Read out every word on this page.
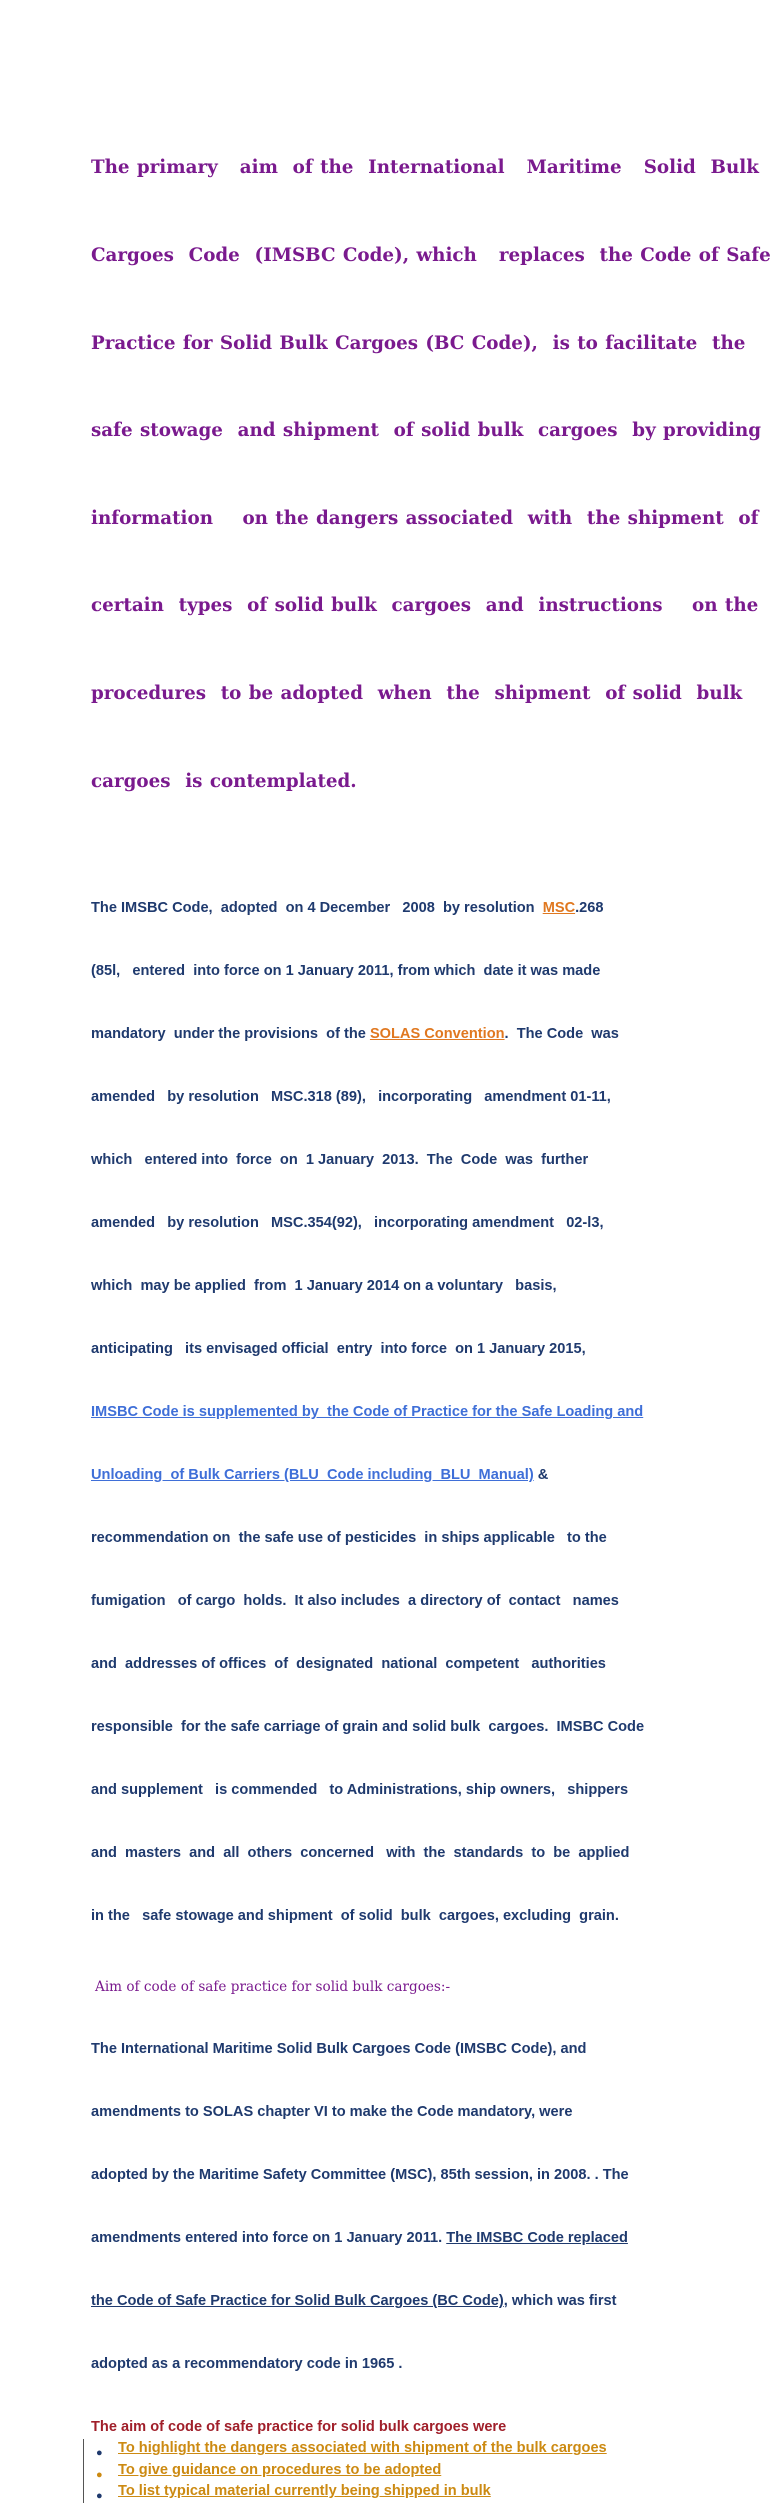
The primary   aim  of the  International   Maritime   Solid  Bulk

Cargoes  Code  (IMSBC Code), which   replaces  the Code of Safe

Practice for Solid Bulk Cargoes (BC Code),  is to facilitate  the

safe stowage  and shipment  of solid bulk  cargoes  by providing

information    on the dangers associated  with  the shipment  of

certain  types  of solid bulk  cargoes  and  instructions    on the

procedures  to be adopted  when  the  shipment  of solid  bulk

cargoes  is contemplated.

The IMSBC Code,  adopted  on 4 December   2008  by resolution  MSC.268

(85l,   entered  into force on 1 January 2011, from which  date it was made

mandatory  under the provisions  of the SOLAS Convention.  The Code  was

amended   by resolution   MSC.318 (89),   incorporating   amendment 01-11,

which   entered into  force  on  1 January  2013.  The  Code  was  further

amended   by resolution   MSC.354(92),   incorporating amendment   02-l3,

which  may be applied  from  1 January 2014 on a voluntary   basis,

anticipating   its envisaged official  entry  into force  on 1 January 2015,

IMSBC Code is supplemented by  the Code of Practice for the Safe Loading and

Unloading  of Bulk Carriers (BLU  Code including  BLU  Manual) &

recommendation on  the safe use of pesticides  in ships applicable   to the

fumigation   of cargo  holds.  It also includes  a directory of  contact   names

and  addresses of offices  of  designated  national  competent   authorities

responsible  for the safe carriage of grain and solid bulk  cargoes.  IMSBC Code

and supplement   is commended   to Administrations, ship owners,   shippers

and  masters  and  all  others  concerned   with  the  standards  to  be  applied

in the   safe stowage and shipment  of solid  bulk  cargoes, excluding  grain.

Aim of code of safe practice for solid bulk cargoes:-

The International Maritime Solid Bulk Cargoes Code (IMSBC Code), and

amendments to SOLAS chapter VI to make the Code mandatory, were

adopted by the Maritime Safety Committee (MSC), 85th session, in 2008. . The

amendments entered into force on 1 January 2011. The IMSBC Code replaced

the Code of Safe Practice for Solid Bulk Cargoes (BC Code), which was first

adopted as a recommendatory code in 1965 .

The aim of code of safe practice for solid bulk cargoes were
● To highlight the dangers associated with shipment of the bulk cargoes
● To give guidance on procedures to be adopted
● To list typical material currently being shipped in bulk
